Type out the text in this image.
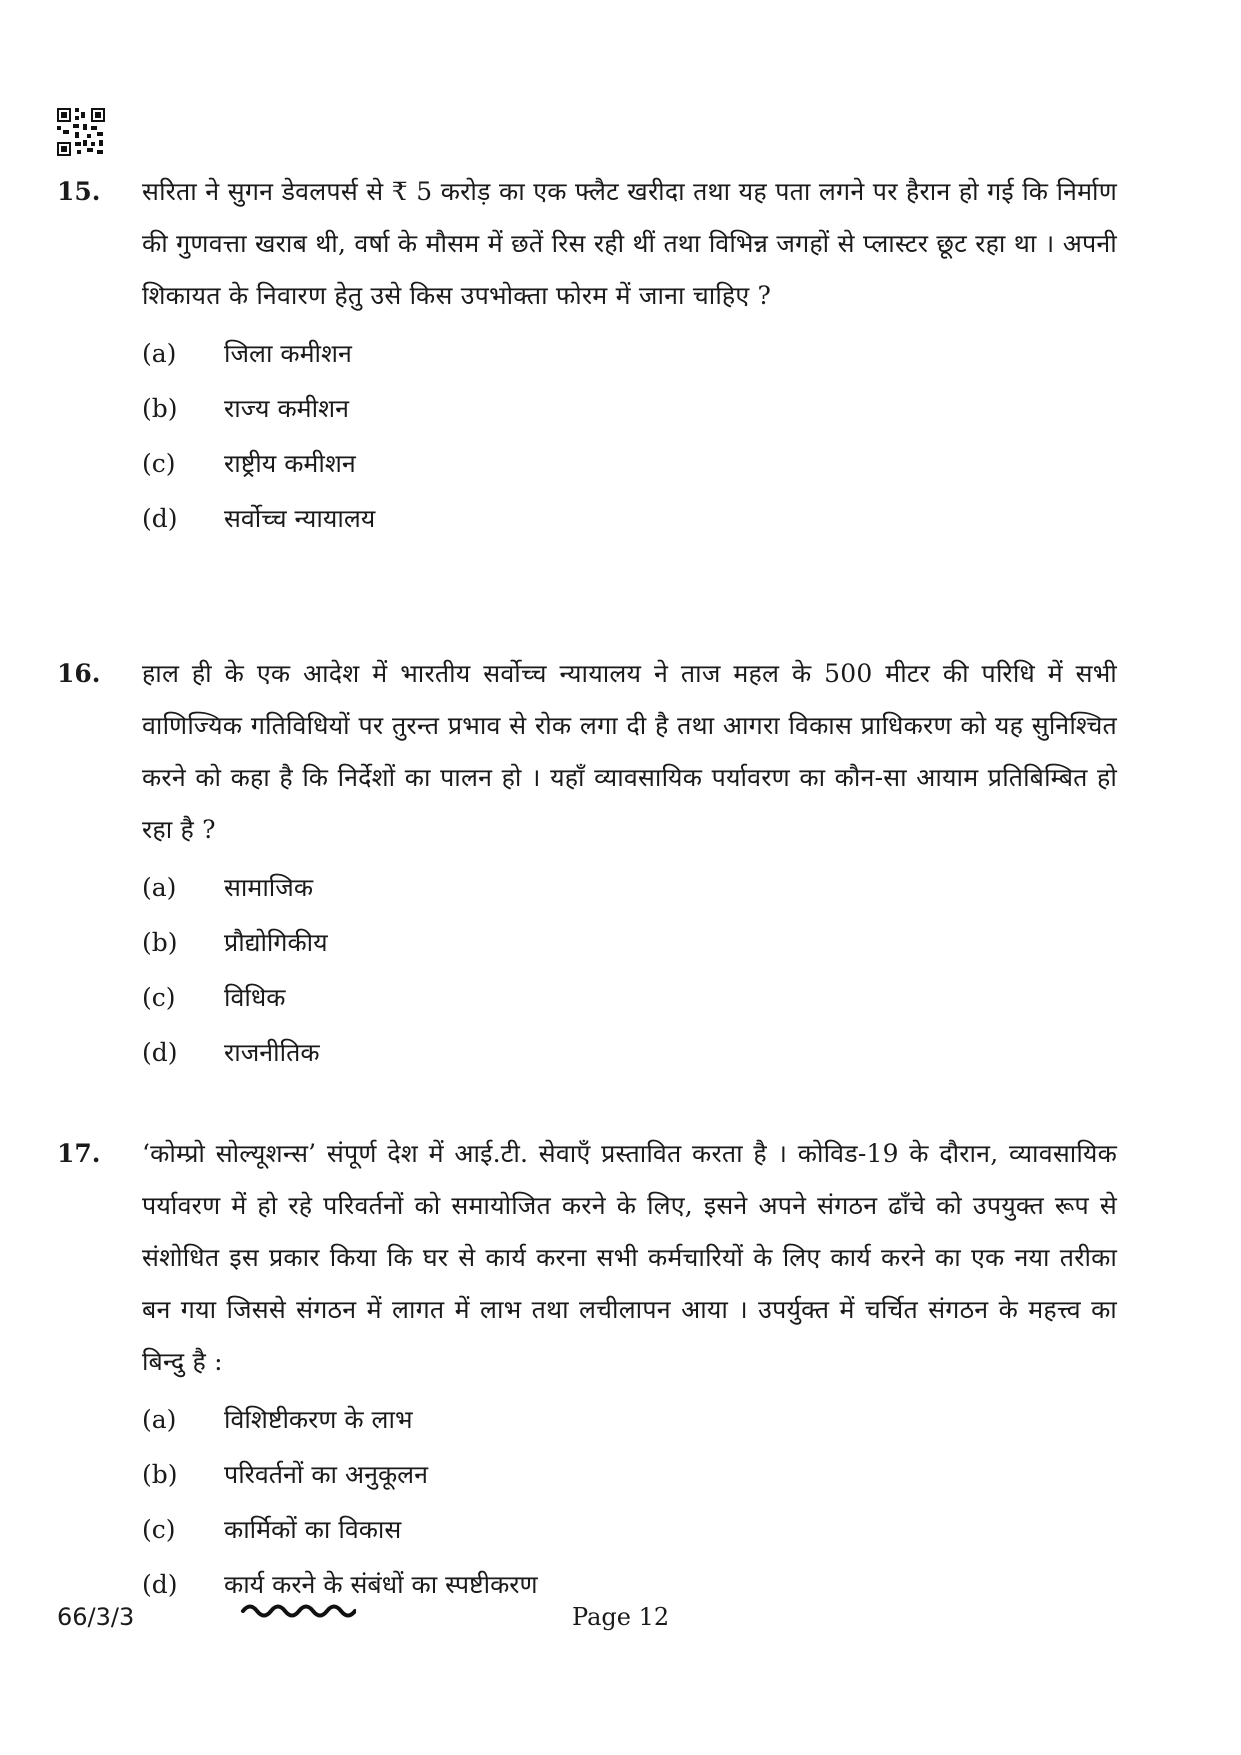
15. सरिता ने सुगन डेवलपर्स से ₹ 5 करोड़ का एक फ्लैट खरीदा तथा यह पता लगने पर हैरान हो गई कि निर्माण की गुणवत्ता खराब थी, वर्षा के मौसम में छतें रिस रही थीं तथा विभिन्न जगहों से प्लास्टर छूट रहा था । अपनी शिकायत के निवारण हेतु उसे किस उपभोक्ता फोरम में जाना चाहिए ?
(a) जिला कमीशन
(b) राज्य कमीशन
(c) राष्ट्रीय कमीशन
(d) सर्वोच्च न्यायालय
16. हाल ही के एक आदेश में भारतीय सर्वोच्च न्यायालय ने ताज महल के 500 मीटर की परिधि में सभी वाणिज्यिक गतिविधियों पर तुरन्त प्रभाव से रोक लगा दी है तथा आगरा विकास प्राधिकरण को यह सुनिश्चित करने को कहा है कि निर्देशों का पालन हो । यहाँ व्यावसायिक पर्यावरण का कौन-सा आयाम प्रतिबिम्बित हो रहा है ?
(a) सामाजिक
(b) प्रौद्योगिकीय
(c) विधिक
(d) राजनीतिक
17. ‘कोम्प्रो सोल्यूशन्स’ संपूर्ण देश में आई.टी. सेवाएँ प्रस्तावित करता है । कोविड-19 के दौरान, व्यावसायिक पर्यावरण में हो रहे परिवर्तनों को समायोजित करने के लिए, इसने अपने संगठन ढाँचे को उपयुक्त रूप से संशोधित इस प्रकार किया कि घर से कार्य करना सभी कर्मचारियों के लिए कार्य करने का एक नया तरीका बन गया जिससे संगठन में लागत में लाभ तथा लचीलापन आया । उपर्युक्त में चर्चित संगठन के महत्त्व का बिन्दु है :
(a) विशिष्टीकरण के लाभ
(b) परिवर्तनों का अनुकूलन
(c) कार्मिकों का विकास
(d) कार्य करने के संबंधों का स्पष्टीकरण
66/3/3	Page 12
